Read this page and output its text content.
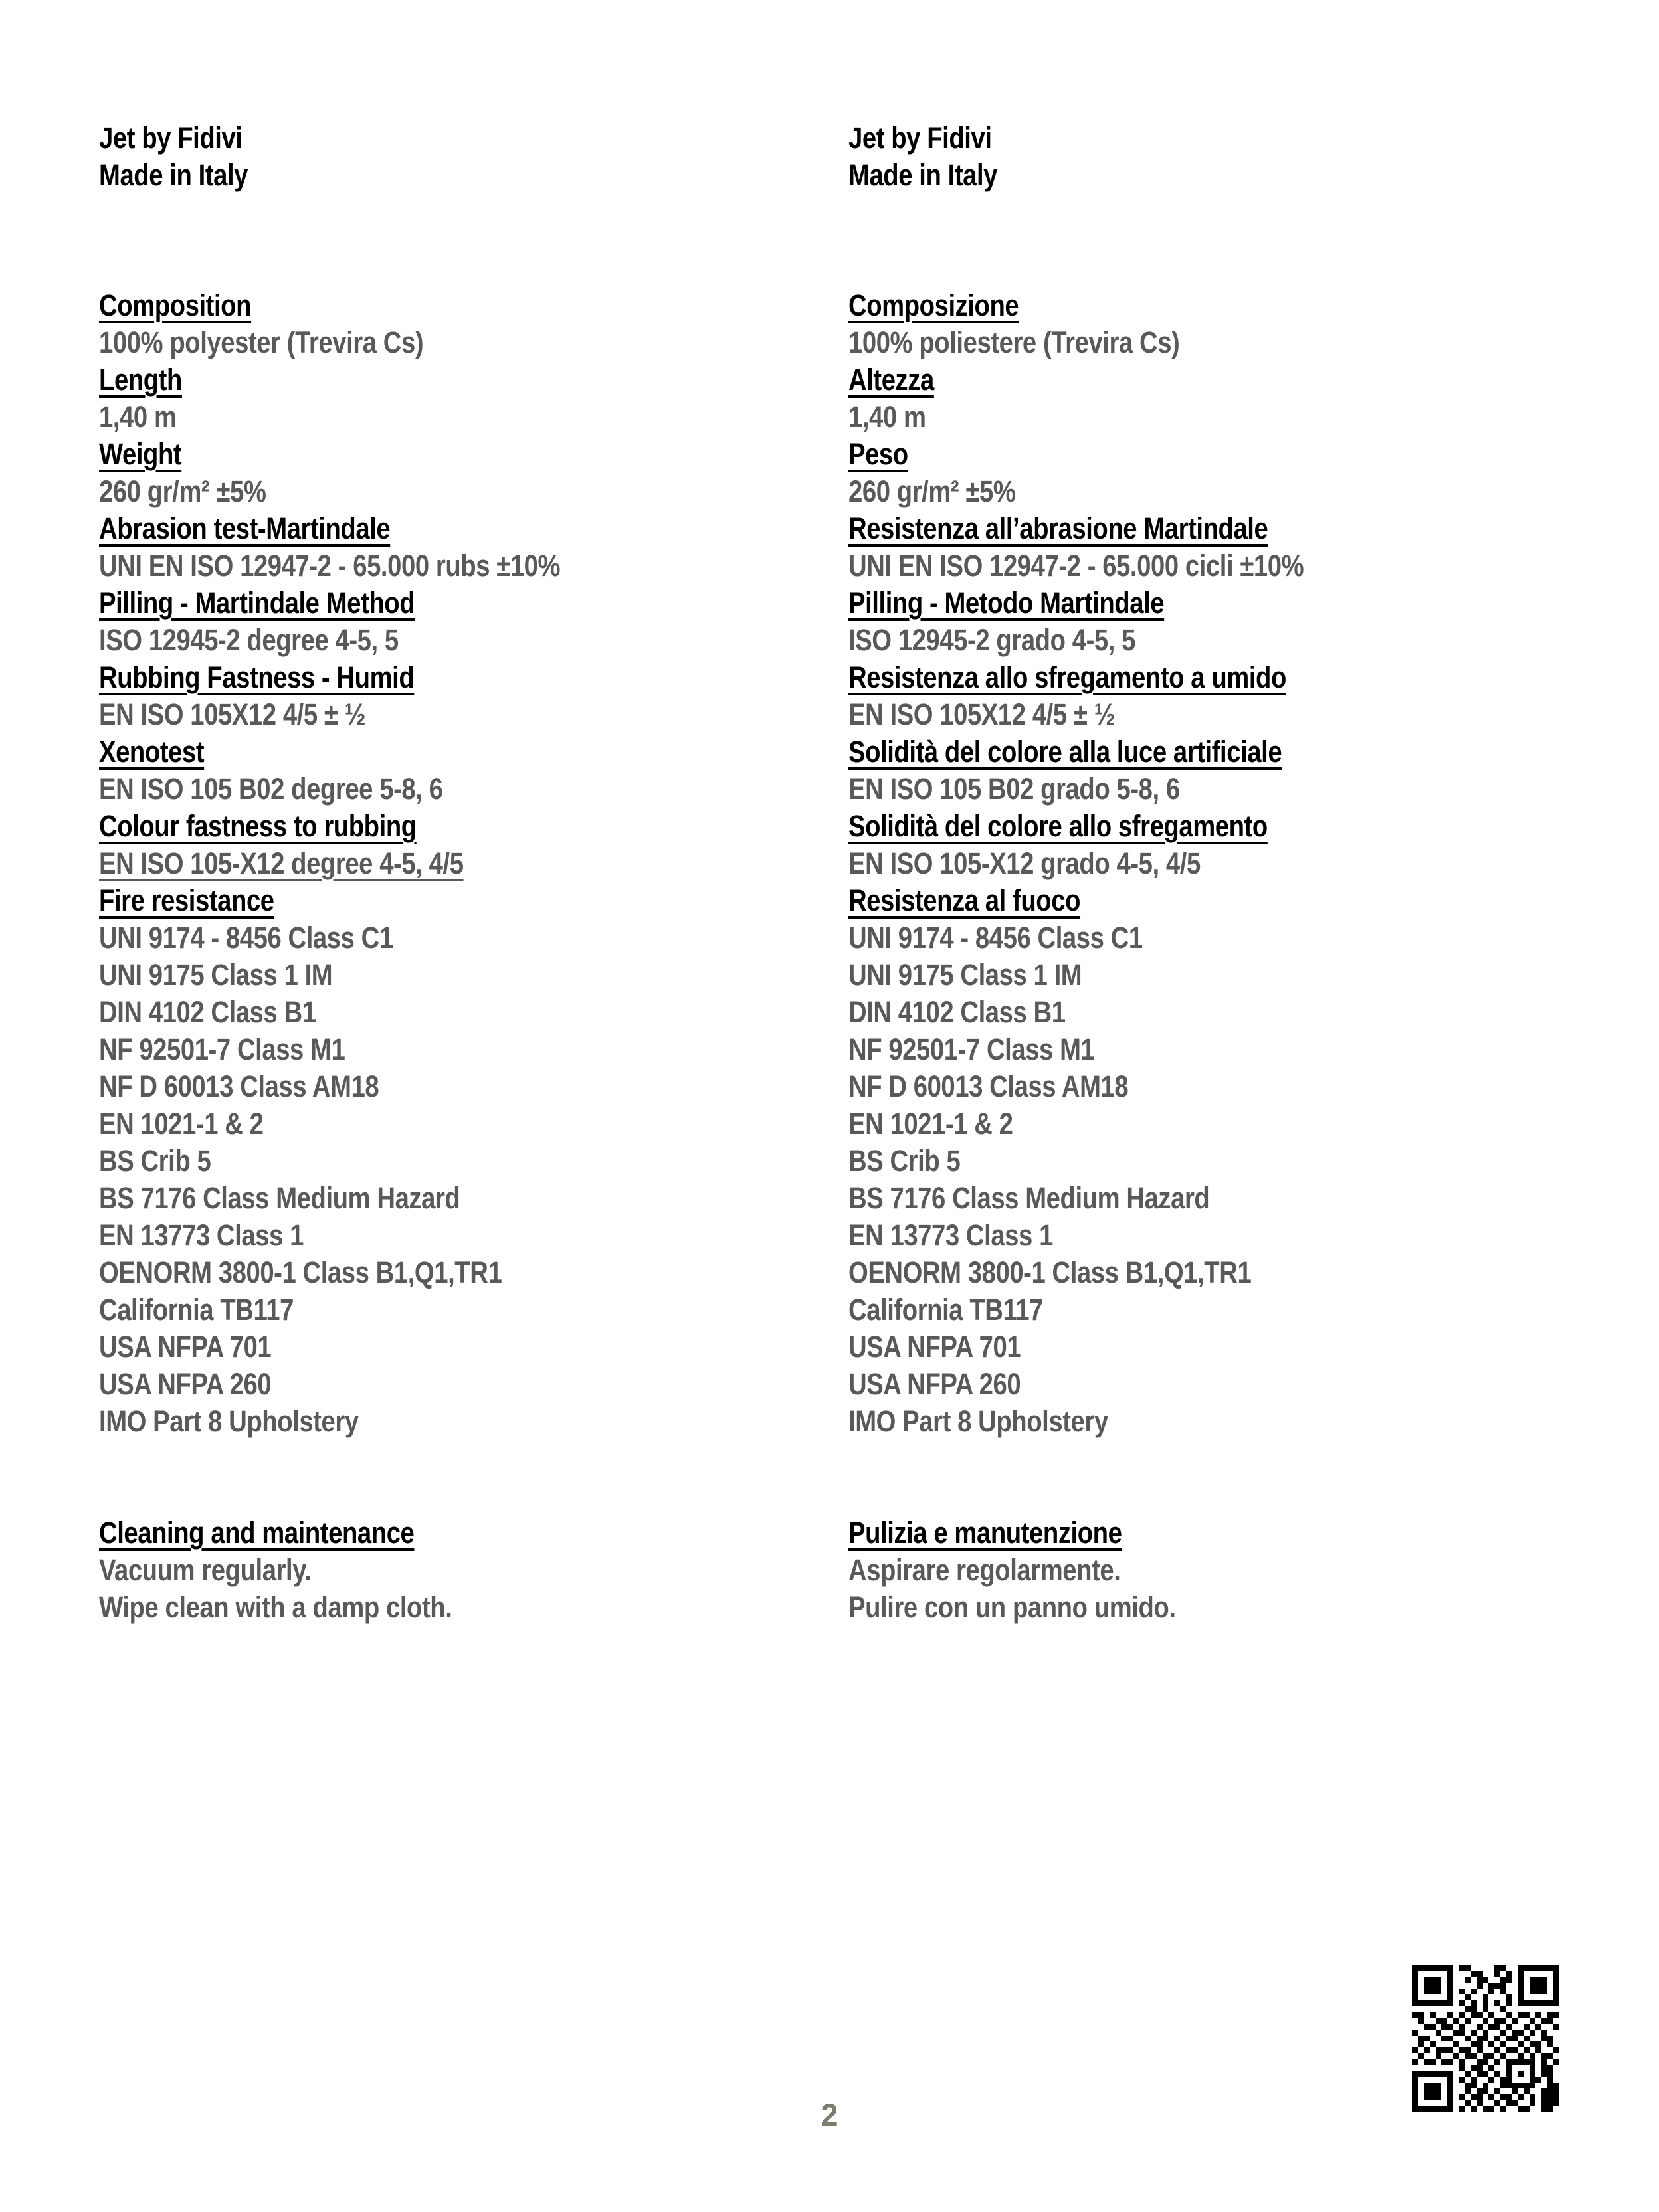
Jet by Fidivi
Made in Italy
Composition
100% polyester (Trevira Cs)
Length
1,40 m
Weight
260 gr/m² ±5%
Abrasion test-Martindale
UNI EN ISO 12947-2 - 65.000 rubs ±10%
Pilling - Martindale Method
ISO 12945-2 degree 4-5, 5
Rubbing Fastness - Humid
EN ISO 105X12 4/5 ± ½
Xenotest
EN ISO 105 B02 degree 5-8, 6
Colour fastness to rubbing
EN ISO 105-X12 degree 4-5, 4/5
Fire resistance
UNI 9174 - 8456 Class C1
UNI 9175 Class 1 IM
DIN 4102 Class B1
NF 92501-7 Class M1
NF D 60013 Class AM18
EN 1021-1 & 2
BS Crib 5
BS 7176 Class Medium Hazard
EN 13773 Class 1
OENORM 3800-1 Class B1,Q1,TR1
California TB117
USA NFPA 701
USA NFPA 260
IMO Part 8 Upholstery
Cleaning and maintenance
Vacuum regularly.
Wipe clean with a damp cloth.
Jet by Fidivi
Made in Italy
Composizione
100% poliestere (Trevira Cs)
Altezza
1,40 m
Peso
260 gr/m² ±5%
Resistenza all’abrasione Martindale
UNI EN ISO 12947-2 - 65.000 cicli ±10%
Pilling - Metodo Martindale
ISO 12945-2 grado 4-5, 5
Resistenza allo sfregamento a umido
EN ISO 105X12 4/5 ± ½
Solidità del colore alla luce artificiale
EN ISO 105 B02 grado 5-8, 6
Solidità del colore allo sfregamento
EN ISO 105-X12 grado 4-5, 4/5
Resistenza al fuoco
UNI 9174 - 8456 Class C1
UNI 9175 Class 1 IM
DIN 4102 Class B1
NF 92501-7 Class M1
NF D 60013 Class AM18
EN 1021-1 & 2
BS Crib 5
BS 7176 Class Medium Hazard
EN 13773 Class 1
OENORM 3800-1 Class B1,Q1,TR1
California TB117
USA NFPA 701
USA NFPA 260
IMO Part 8 Upholstery
Pulizia e manutenzione
Aspirare regolarmente.
Pulire con un panno umido.
2
